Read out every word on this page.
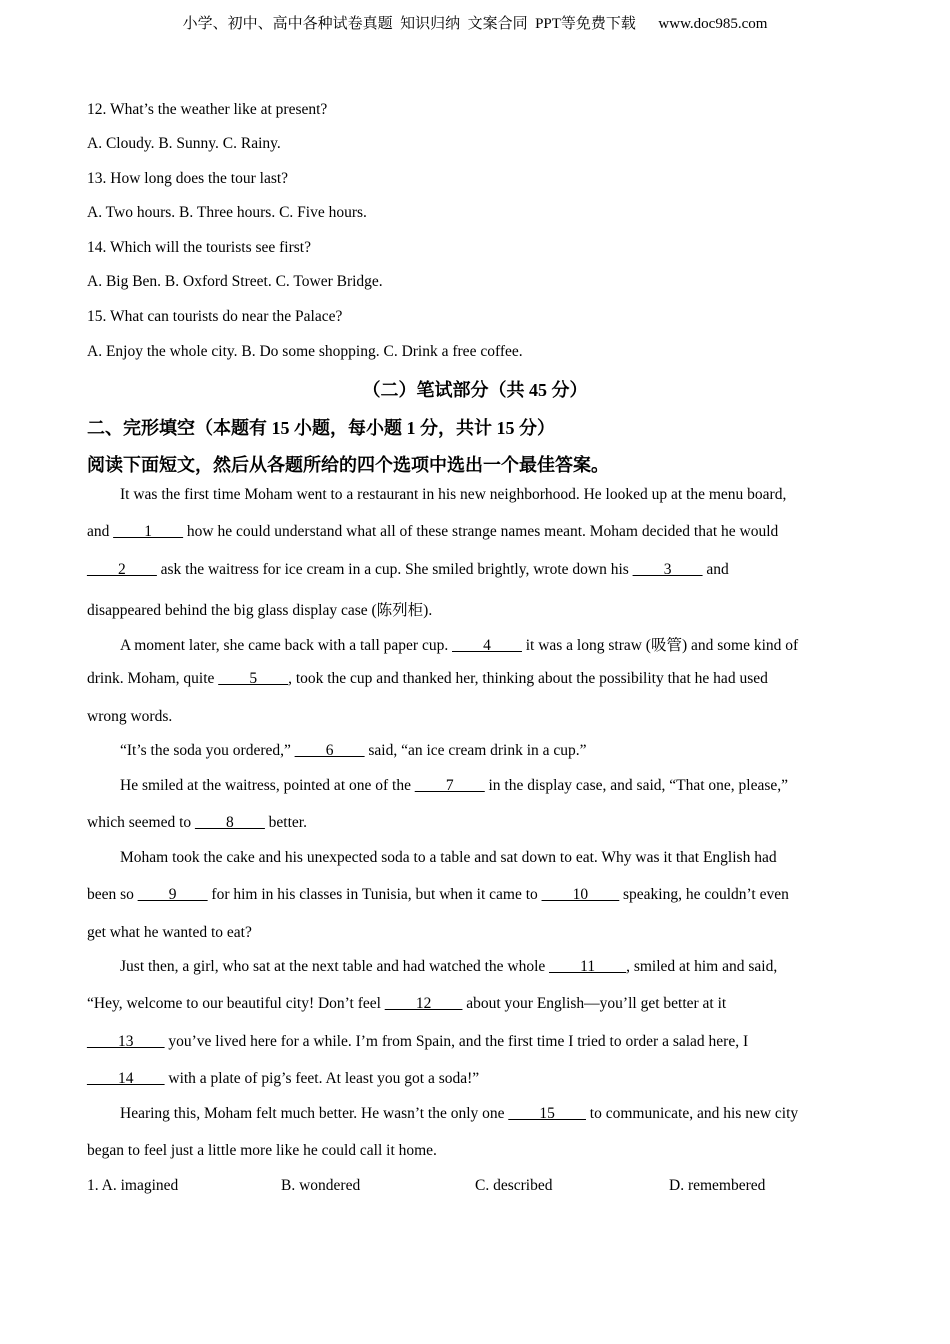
小学、初中、高中各种试卷真题  知识归纳  文案合同  PPT等免费下载      www.doc985.com
12. What’s the weather like at present?
A. Cloudy. B. Sunny. C. Rainy.
13. How long does the tour last?
A. Two hours. B. Three hours. C. Five hours.
14. Which will the tourists see first?
A. Big Ben. B. Oxford Street. C. Tower Bridge.
15. What can tourists do near the Palace?
A. Enjoy the whole city. B. Do some shopping. C. Drink a free coffee.
（二）笔试部分（共 45 分）
二、完形填空（本题有 15 小题，每小题 1 分，共计 15 分）
阅读下面短文，然后从各题所给的四个选项中选出一个最佳答案。
It was the first time Moham went to a restaurant in his new neighborhood. He looked up at the menu board,
and ____1____ how he could understand what all of these strange names meant. Moham decided that he would
____2____ ask the waitress for ice cream in a cup. She smiled brightly, wrote down his ____3____ and
disappeared behind the big glass display case (陈列柜).
A moment later, she came back with a tall paper cup. ____4____ it was a long straw (吸管) and some kind of
drink. Moham, quite ____5____, took the cup and thanked her, thinking about the possibility that he had used
wrong words.
“It’s the soda you ordered,” ____6____ said, “an ice cream drink in a cup.”
He smiled at the waitress, pointed at one of the ____7____ in the display case, and said, “That one, please,”
which seemed to ____8____ better.
Moham took the cake and his unexpected soda to a table and sat down to eat. Why was it that English had
been so ____9____ for him in his classes in Tunisia, but when it came to ____10____ speaking, he couldn’t even
get what he wanted to eat?
Just then, a girl, who sat at the next table and had watched the whole ____11____, smiled at him and said,
“Hey, welcome to our beautiful city! Don’t feel ____12____ about your English—you’ll get better at it
____13____ you’ve lived here for a while. I’m from Spain, and the first time I tried to order a salad here, I
____14____ with a plate of pig’s feet. At least you got a soda!”
Hearing this, Moham felt much better. He wasn’t the only one ____15____ to communicate, and his new city
began to feel just a little more like he could call it home.
1. A. imagined	B. wondered	C. described	D. remembered
